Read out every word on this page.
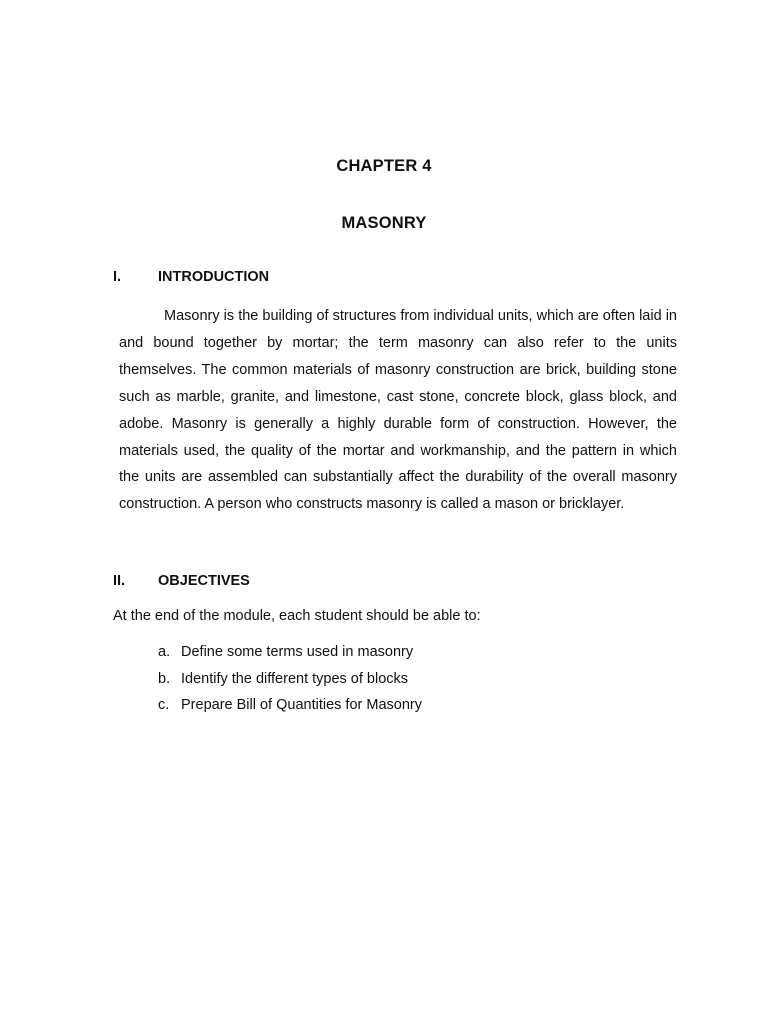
CHAPTER 4
MASONRY
I.	INTRODUCTION

Masonry is the building of structures from individual units, which are often laid in and bound together by mortar; the term masonry can also refer to the units themselves. The common materials of masonry construction are brick, building stone such as marble, granite, and limestone, cast stone, concrete block, glass block, and adobe. Masonry is generally a highly durable form of construction. However, the materials used, the quality of the mortar and workmanship, and the pattern in which the units are assembled can substantially affect the durability of the overall masonry construction. A person who constructs masonry is called a mason or bricklayer.

II.	OBJECTIVES

At the end of the module, each student should be able to:

a. Define some terms used in masonry
b. Identify the different types of blocks
c. Prepare Bill of Quantities for Masonry
